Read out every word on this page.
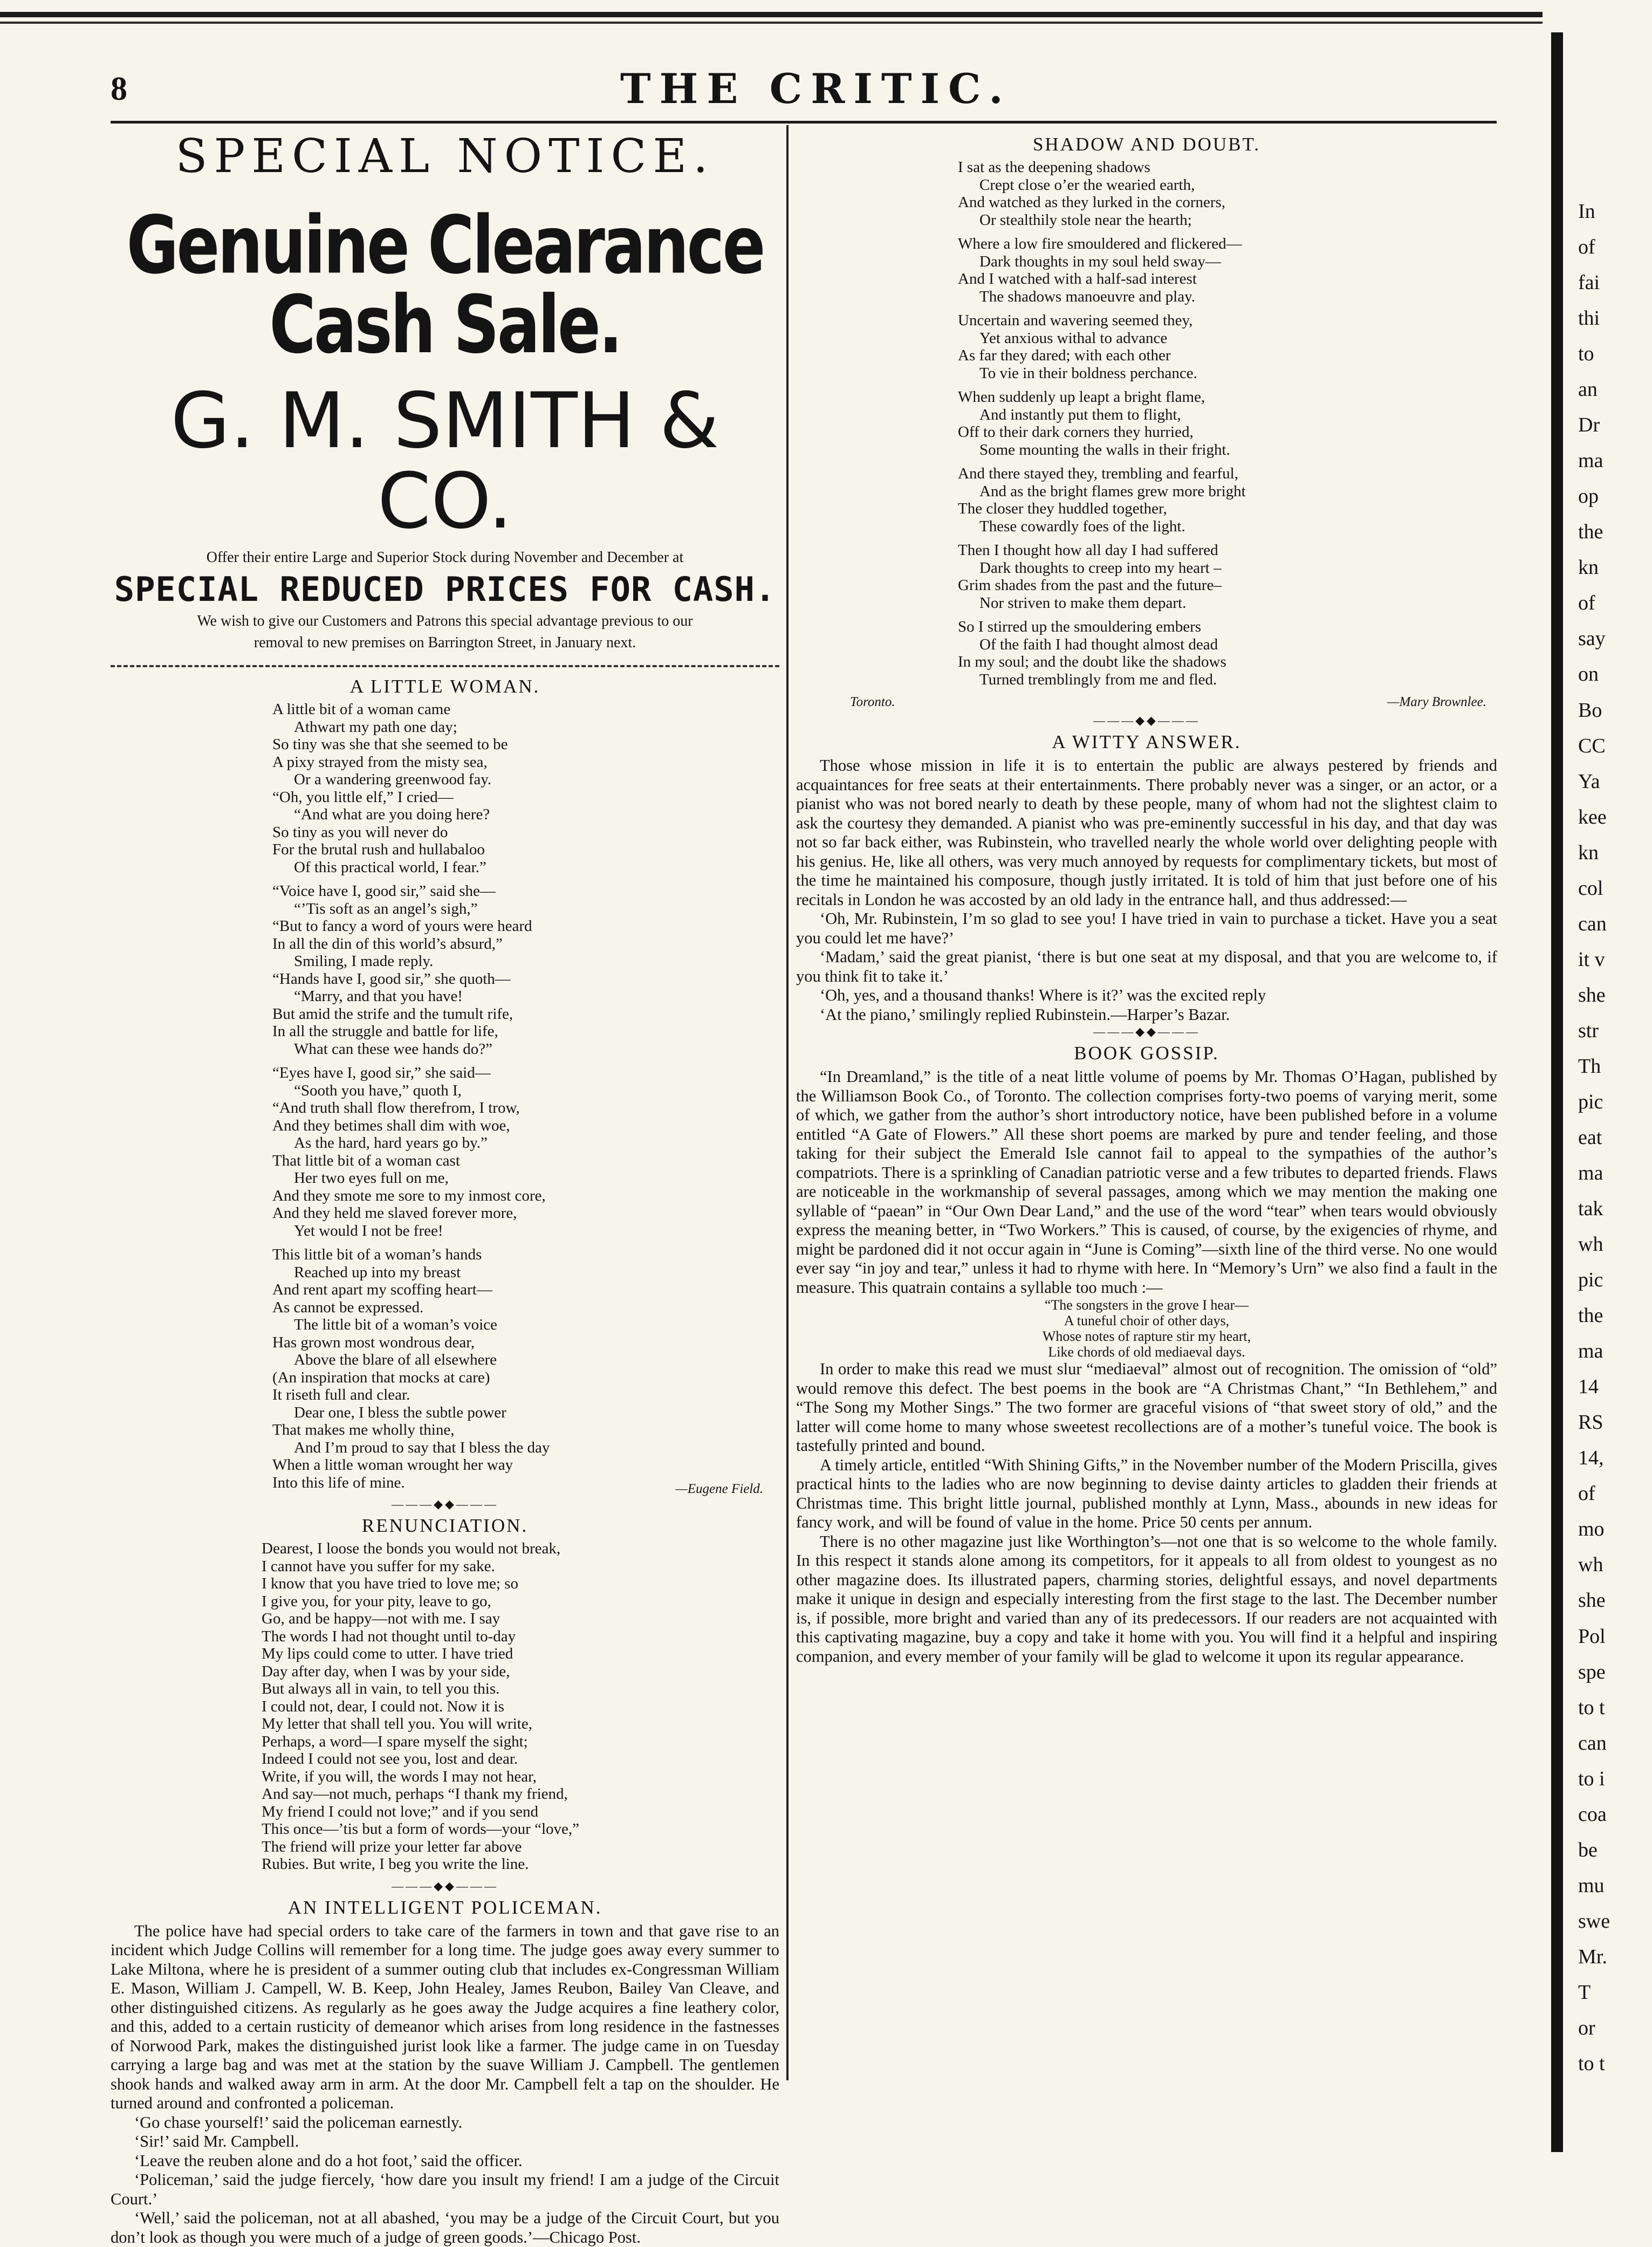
8	THE CRITIC.
SPECIAL NOTICE.
Genuine Clearance Cash Sale.
G. M. SMITH & CO.
Offer their entire Large and Superior Stock during November and December at
SPECIAL REDUCED PRICES FOR CASH.
We wish to give our Customers and Patrons this special advantage previous to our
removal to new premises on Barrington Street, in January next.
A LITTLE WOMAN.
A little bit of a woman came
Athwart my path one day;
So tiny was she that she seemed to be
A pixy strayed from the misty sea,
Or a wandering greenwood fay.
“Oh, you little elf,” I cried—
“And what are you doing here?
So tiny as you will never do
For the brutal rush and hullabaloo
Of this practical world, I fear.”
“Voice have I, good sir,” said she—
“’Tis soft as an angel’s sigh,”
“But to fancy a word of yours were heard
In all the din of this world’s absurd,”
Smiling, I made reply.
“Hands have I, good sir,” she quoth—
“Marry, and that you have!
But amid the strife and the tumult rife,
In all the struggle and battle for life,
What can these wee hands do?”
“Eyes have I, good sir,” she said—
“Sooth you have,” quoth I,
“And truth shall flow therefrom, I trow,
And they betimes shall dim with woe,
As the hard, hard years go by.”
That little bit of a woman cast
Her two eyes full on me,
And they smote me sore to my inmost core,
And they held me slaved forever more,
Yet would I not be free!
This little bit of a woman’s hands
Reached up into my breast
And rent apart my scoffing heart—
As cannot be expressed.
The little bit of a woman’s voice
Has grown most wondrous dear,
Above the blare of all elsewhere
(An inspiration that mocks at care)
It riseth full and clear.
Dear one, I bless the subtle power
That makes me wholly thine,
And I’m proud to say that I bless the day
When a little woman wrought her way
Into this life of mine.	—Eugene Field.
———◆◆———
RENUNCIATION.
Dearest, I loose the bonds you would not break,
I cannot have you suffer for my sake.
I know that you have tried to love me; so
I give you, for your pity, leave to go,
Go, and be happy—not with me. I say
The words I had not thought until to-day
My lips could come to utter. I have tried
Day after day, when I was by your side,
But always all in vain, to tell you this.
I could not, dear, I could not. Now it is
My letter that shall tell you. You will write,
Perhaps, a word—I spare myself the sight;
Indeed I could not see you, lost and dear.
Write, if you will, the words I may not hear,
And say—not much, perhaps “I thank my friend,
My friend I could not love;” and if you send
This once—’tis but a form of words—your “love,”
The friend will prize your letter far above
Rubies. But write, I beg you write the line.
———◆◆———
AN INTELLIGENT POLICEMAN.

The police have had special orders to take care of the farmers in town and that gave rise to an incident which Judge Collins will remember for a long time. The judge goes away every summer to Lake Miltona, where he is president of a summer outing club that includes ex-Congressman William E. Mason, William J. Campell, W. B. Keep, John Healey, James Reubon, Bailey Van Cleave, and other distinguished citizens. As regularly as he goes away the Judge acquires a fine leathery color, and this, added to a certain rusticity of demeanor which arises from long residence in the fastnesses of Norwood Park, makes the distinguished jurist look like a farmer. The judge came in on Tuesday carrying a large bag and was met at the station by the suave William J. Campbell. The gentlemen shook hands and walked away arm in arm. At the door Mr. Campbell felt a tap on the shoulder. He turned around and confronted a policeman.

‘Go chase yourself!’ said the policeman earnestly.

‘Sir!’ said Mr. Campbell.

‘Leave the reuben alone and do a hot foot,’ said the officer.

‘Policeman,’ said the judge fiercely, ‘how dare you insult my friend! I am a judge of the Circuit Court.’

‘Well,’ said the policeman, not at all abashed, ‘you may be a judge of the Circuit Court, but you don’t look as though you were much of a judge of green goods.’—Chicago Post.

SHADOW AND DOUBT.
I sat as the deepening shadows
Crept close o’er the wearied earth,
And watched as they lurked in the corners,
Or stealthily stole near the hearth;
Where a low fire smouldered and flickered—
Dark thoughts in my soul held sway—
And I watched with a half-sad interest
The shadows manoeuvre and play.
Uncertain and wavering seemed they,
Yet anxious withal to advance
As far they dared; with each other
To vie in their boldness perchance.
When suddenly up leapt a bright flame,
And instantly put them to flight,
Off to their dark corners they hurried,
Some mounting the walls in their fright.
And there stayed they, trembling and fearful,
And as the bright flames grew more bright
The closer they huddled together,
These cowardly foes of the light.
Then I thought how all day I had suffered
Dark thoughts to creep into my heart –
Grim shades from the past and the future–
Nor striven to make them depart.
So I stirred up the smouldering embers
Of the faith I had thought almost dead
In my soul; and the doubt like the shadows
Turned tremblingly from me and fled.
Toronto.	—Mary Brownlee.
———◆◆———
A WITTY ANSWER.

Those whose mission in life it is to entertain the public are always pestered by friends and acquaintances for free seats at their entertainments. There probably never was a singer, or an actor, or a pianist who was not bored nearly to death by these people, many of whom had not the slightest claim to ask the courtesy they demanded. A pianist who was pre-eminently successful in his day, and that day was not so far back either, was Rubinstein, who travelled nearly the whole world over delighting people with his genius. He, like all others, was very much annoyed by requests for complimentary tickets, but most of the time he maintained his composure, though justly irritated. It is told of him that just before one of his recitals in London he was accosted by an old lady in the entrance hall, and thus addressed:—

‘Oh, Mr. Rubinstein, I’m so glad to see you! I have tried in vain to purchase a ticket. Have you a seat you could let me have?’

‘Madam,’ said the great pianist, ‘there is but one seat at my disposal, and that you are welcome to, if you think fit to take it.’

‘Oh, yes, and a thousand thanks! Where is it?’ was the excited reply

‘At the piano,’ smilingly replied Rubinstein.—Harper’s Bazar.

———◆◆———
BOOK GOSSIP.

“In Dreamland,” is the title of a neat little volume of poems by Mr. Thomas O’Hagan, published by the Williamson Book Co., of Toronto. The collection comprises forty-two poems of varying merit, some of which, we gather from the author’s short introductory notice, have been published before in a volume entitled “A Gate of Flowers.” All these short poems are marked by pure and tender feeling, and those taking for their subject the Emerald Isle cannot fail to appeal to the sympathies of the author’s compatriots. There is a sprinkling of Canadian patriotic verse and a few tributes to departed friends. Flaws are noticeable in the workmanship of several passages, among which we may mention the making one syllable of “paean” in “Our Own Dear Land,” and the use of the word “tear” when tears would obviously express the meaning better, in “Two Workers.” This is caused, of course, by the exigencies of rhyme, and might be pardoned did it not occur again in “June is Coming”—sixth line of the third verse. No one would ever say “in joy and tear,” unless it had to rhyme with here. In “Memory’s Urn” we also find a fault in the measure. This quatrain contains a syllable too much :—

“The songsters in the grove I hear—
A tuneful choir of other days,
Whose notes of rapture stir my heart,
Like chords of old mediaeval days.

In order to make this read we must slur “mediaeval” almost out of recognition. The omission of “old” would remove this defect. The best poems in the book are “A Christmas Chant,” “In Bethlehem,” and “The Song my Mother Sings.” The two former are graceful visions of “that sweet story of old,” and the latter will come home to many whose sweetest recollections are of a mother’s tuneful voice. The book is tastefully printed and bound.

A timely article, entitled “With Shining Gifts,” in the November number of the Modern Priscilla, gives practical hints to the ladies who are now beginning to devise dainty articles to gladden their friends at Christmas time. This bright little journal, published monthly at Lynn, Mass., abounds in new ideas for fancy work, and will be found of value in the home. Price 50 cents per annum.

There is no other magazine just like Worthington’s—not one that is so welcome to the whole family. In this respect it stands alone among its competitors, for it appeals to all from oldest to youngest as no other magazine does. Its illustrated papers, charming stories, delightful essays, and novel departments make it unique in design and especially interesting from the first stage to the last. The December number is, if possible, more bright and varied than any of its predecessors. If our readers are not acquainted with this captivating magazine, buy a copy and take it home with you. You will find it a helpful and inspiring companion, and every member of your family will be glad to welcome it upon its regular appearance.

In
of
fai
thi
to
an
Dr
ma
op
the
kn
of
say
on
Bo
CC
Ya
kee
kn
col
can
it v
she
str
Th
pic
eat
ma
tak
wh
pic
the
ma
14
RS
14,
of
mo
wh
she
Pol
spe
to t
can
to i
coa
be
mu
swe
Mr.
T
or
to t
